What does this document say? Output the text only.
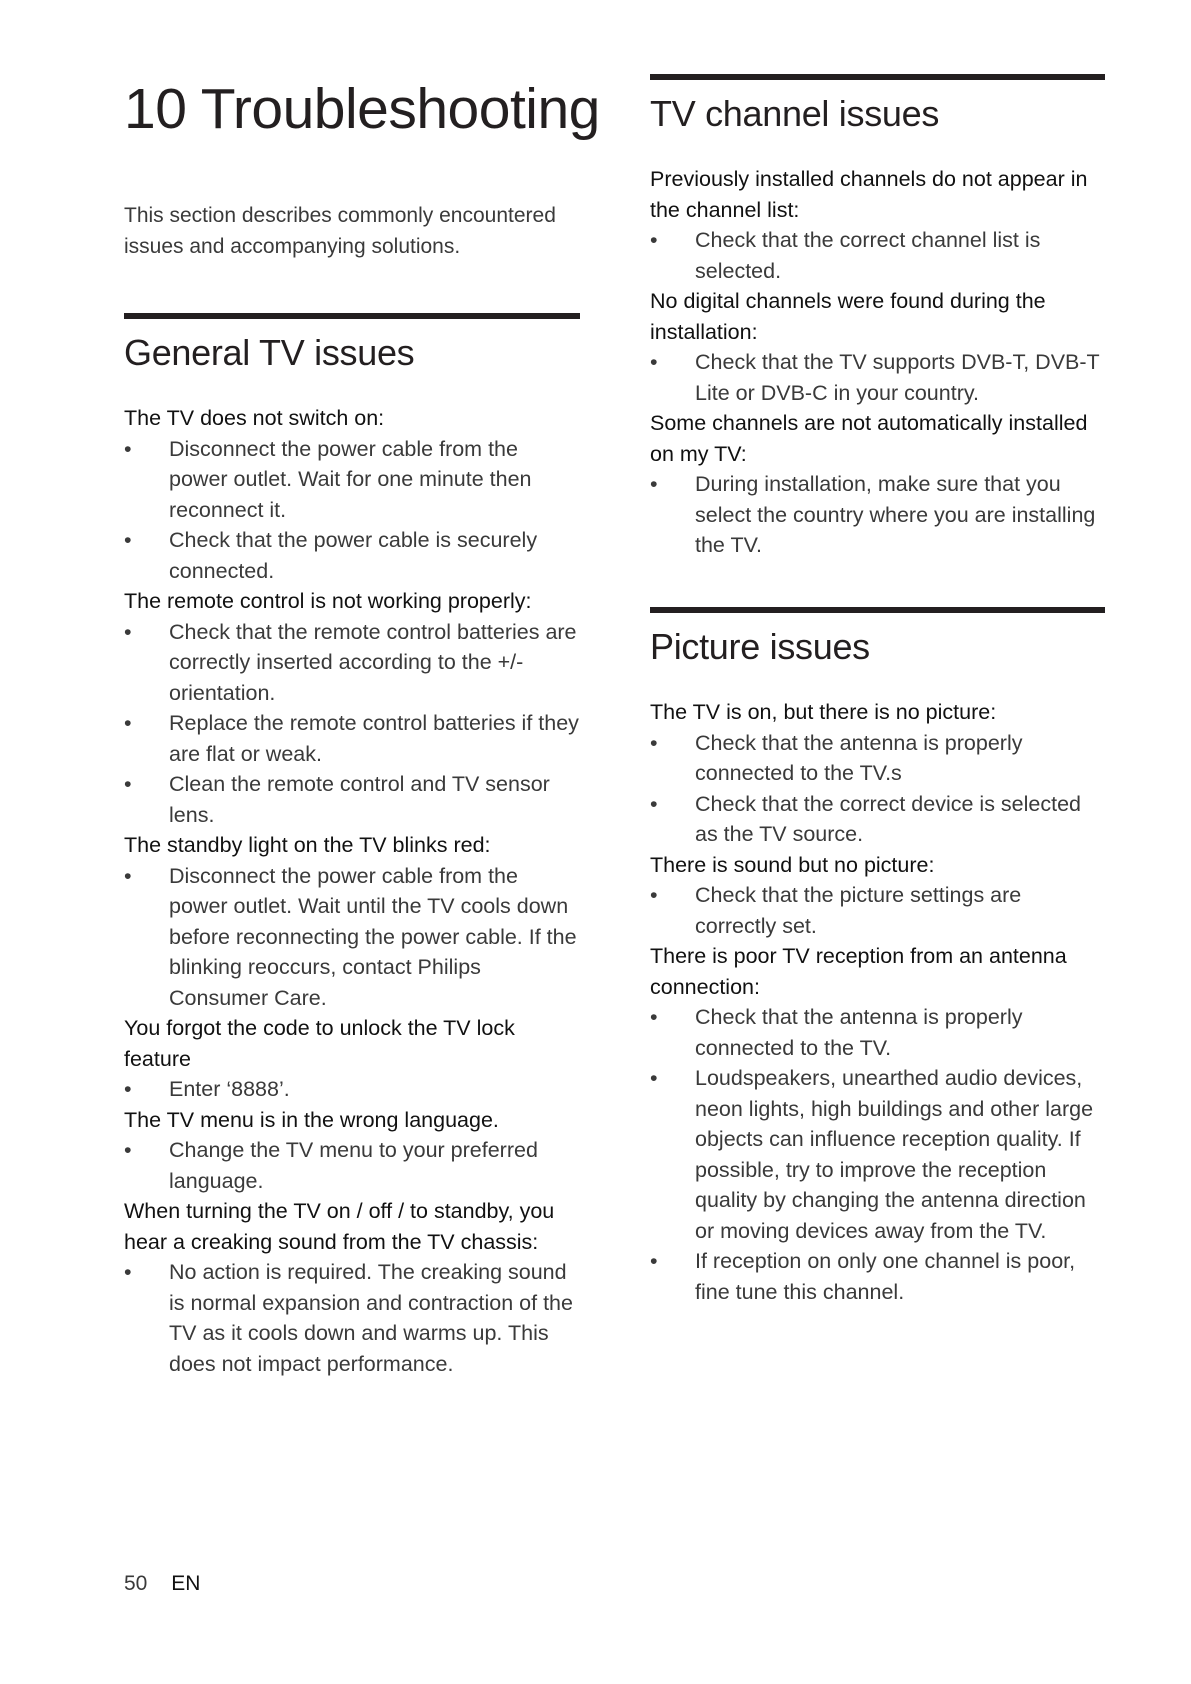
10 Troubleshooting

This section describes commonly encountered issues and accompanying solutions.

General TV issues

The TV does not switch on:

• Disconnect the power cable from the power outlet. Wait for one minute then reconnect it.
• Check that the power cable is securely connected.

The remote control is not working properly:

• Check that the remote control batteries are correctly inserted according to the +/- orientation.
• Replace the remote control batteries if they are flat or weak.
• Clean the remote control and TV sensor lens.

The standby light on the TV blinks red:

• Disconnect the power cable from the power outlet. Wait until the TV cools down before reconnecting the power cable. If the blinking reoccurs, contact Philips Consumer Care.

You forgot the code to unlock the TV lock feature

• Enter ‘8888’.

The TV menu is in the wrong language.

• Change the TV menu to your preferred language.

When turning the TV on / off / to standby, you hear a creaking sound from the TV chassis:

• No action is required. The creaking sound is normal expansion and contraction of the TV as it cools down and warms up. This does not impact performance.
TV channel issues

Previously installed channels do not appear in the channel list:

• Check that the correct channel list is selected.

No digital channels were found during the installation:

• Check that the TV supports DVB-T, DVB-T Lite or DVB-C in your country.

Some channels are not automatically installed on my TV:

• During installation, make sure that you select the country where you are installing the TV.
Picture issues

The TV is on, but there is no picture:

• Check that the antenna is properly connected to the TV.s
• Check that the correct device is selected as the TV source.

There is sound but no picture:

• Check that the picture settings are correctly set.

There is poor TV reception from an antenna connection:

• Check that the antenna is properly connected to the TV.
• Loudspeakers, unearthed audio devices, neon lights, high buildings and other large objects can influence reception quality. If possible, try to improve the reception quality by changing the antenna direction or moving devices away from the TV.
• If reception on only one channel is poor, fine tune this channel.
50 EN
